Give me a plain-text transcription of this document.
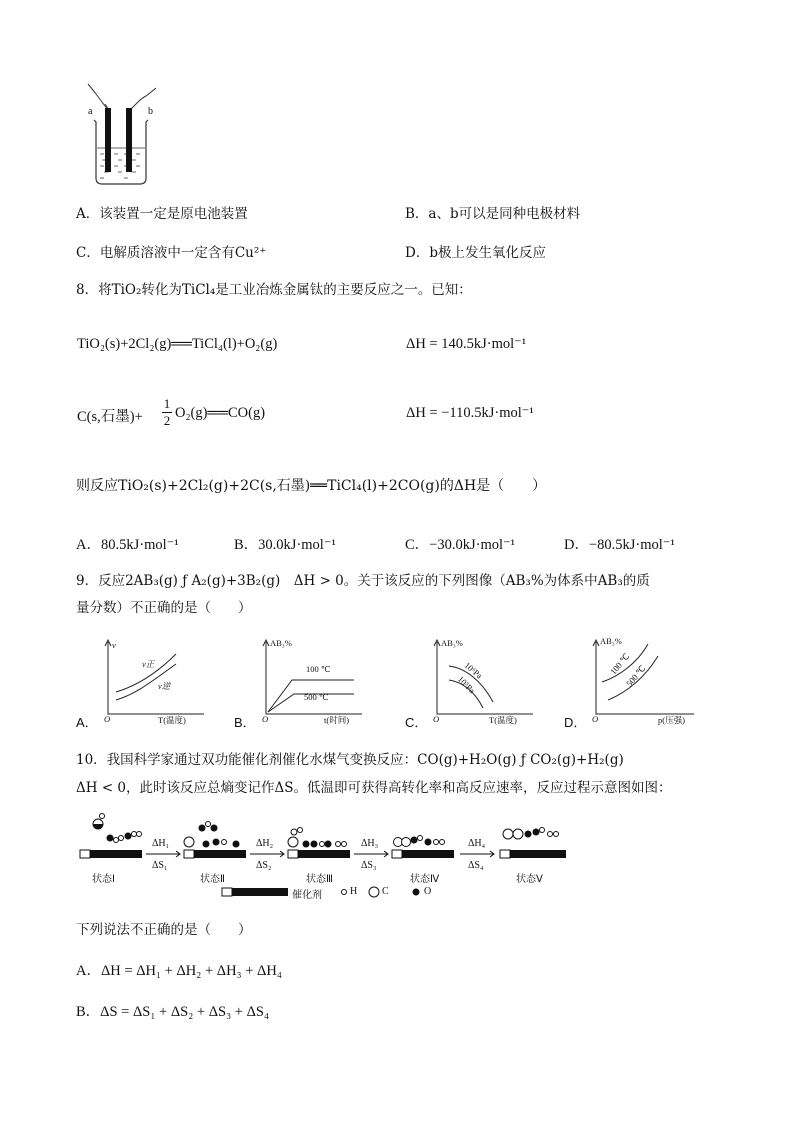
a	b
A．该装置一定是原电池装置	B．a、b可以是同种电极材料
C．电解质溶液中一定含有Cu²⁺	D．b极上发生氧化反应
8．将TiO₂转化为TiCl₄是工业冶炼金属钛的主要反应之一。已知：
TiO₂(s)+2Cl₂(g)══TiCl₄(l)+O₂(g)	ΔH = 140.5kJ·mol⁻¹
C(s,石墨)+
1
2 O₂(g)══CO(g)	ΔH = −110.5kJ·mol⁻¹
则反应TiO₂(s)+2Cl₂(g)+2C(s,石墨)══TiCl₄(l)+2CO(g)的ΔH是（　　）
A．80.5kJ·mol⁻¹	B．30.0kJ·mol⁻¹	C．−30.0kJ·mol⁻¹	D．−80.5kJ·mol⁻¹
9．反应2AB₃(g) ƒ A₂(g)+3B₂(g)　ΔH > 0。关于该反应的下列图像（AB₃%为体系中AB₃的质
量分数）不正确的是（　　）
A．
v
O	T(温度)
v正
v逆
B．
AB₃%
O	t(时间)
100 ℃
500 ℃
C．
AB₃%
O	T(温度)
10⁶Pa
10⁵Pa
D．
AB₃%
O	p(压强)
100 ℃
500 ℃
10．我国科学家通过双功能催化剂催化水煤气变换反应：CO(g)+H₂O(g) ƒ CO₂(g)+H₂(g)
ΔH < 0，此时该反应总熵变记作ΔS。低温即可获得高转化率和高反应速率，反应过程示意图如图：
ΔH₁
ΔS₁
ΔH₂
ΔS₂
ΔH₃
ΔS₃
ΔH₄
ΔS₄
状态Ⅰ	状态Ⅱ	状态Ⅲ	状态Ⅳ	状态Ⅴ
催化剂	H C	O
下列说法不正确的是（　　）
A．ΔH = ΔH₁ + ΔH₂ + ΔH₃ + ΔH₄
B．ΔS = ΔS₁ + ΔS₂ + ΔS₃ + ΔS₄
